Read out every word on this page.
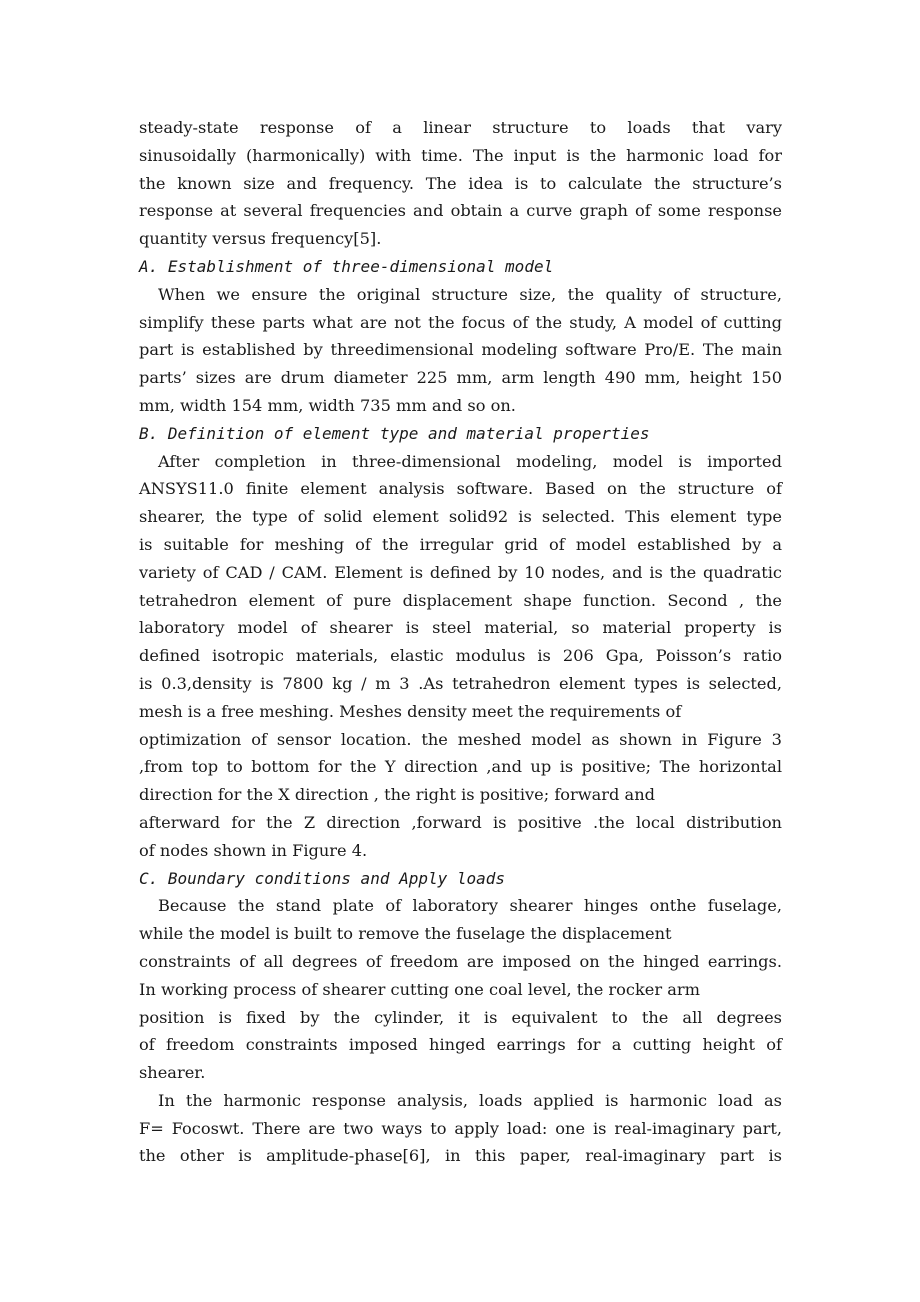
steady-state response of a linear structure to loads that vary
sinusoidally (harmonically) with time. The input is the harmonic load for
the known size and frequency. The idea is to calculate the structure’s
response at several frequencies and obtain a curve graph of some response
quantity versus frequency[5].
A. Establishment of three-dimensional model
When we ensure the original structure size, the quality of structure,
simplify these parts what are not the focus of the study, A model of cutting
part is established by threedimensional modeling software Pro/E. The main
parts’ sizes are drum diameter 225 mm, arm length 490 mm, height 150
mm, width 154 mm, width 735 mm and so on.
B. Definition of element type and material properties
After completion in three-dimensional modeling, model is imported
ANSYS11.0 finite element analysis software. Based on the structure of
shearer, the type of solid element solid92 is selected. This element type
is suitable for meshing of the irregular grid of model established by a
variety of CAD / CAM. Element is defined by 10 nodes, and is the quadratic
tetrahedron element of pure displacement shape function. Second , the
laboratory model of shearer is steel material, so material property is
defined isotropic materials, elastic modulus is 206 Gpa, Poisson’s ratio
is 0.3,density is 7800 kg / m 3 .As tetrahedron element types is selected,
mesh is a free meshing. Meshes density meet the requirements of
optimization of sensor location. the meshed model as shown in Figure 3
,from top to bottom for the Y direction ,and up is positive; The horizontal
direction for the X direction , the right is positive; forward and
afterward for the Z direction ,forward is positive .the local distribution
of nodes shown in Figure 4.
C. Boundary conditions and Apply loads
Because the stand plate of laboratory shearer hinges onthe fuselage,
while the model is built to remove the fuselage the displacement
constraints of all degrees of freedom are imposed on the hinged earrings.
In working process of shearer cutting one coal level, the rocker arm
position is fixed by the cylinder, it is equivalent to the all degrees
of freedom constraints imposed hinged earrings for a cutting height of
shearer.
In the harmonic response analysis, loads applied is harmonic load as
F= Focoswt. There are two ways to apply load: one is real-imaginary part,
the other is amplitude-phase[6], in this paper, real-imaginary part is
